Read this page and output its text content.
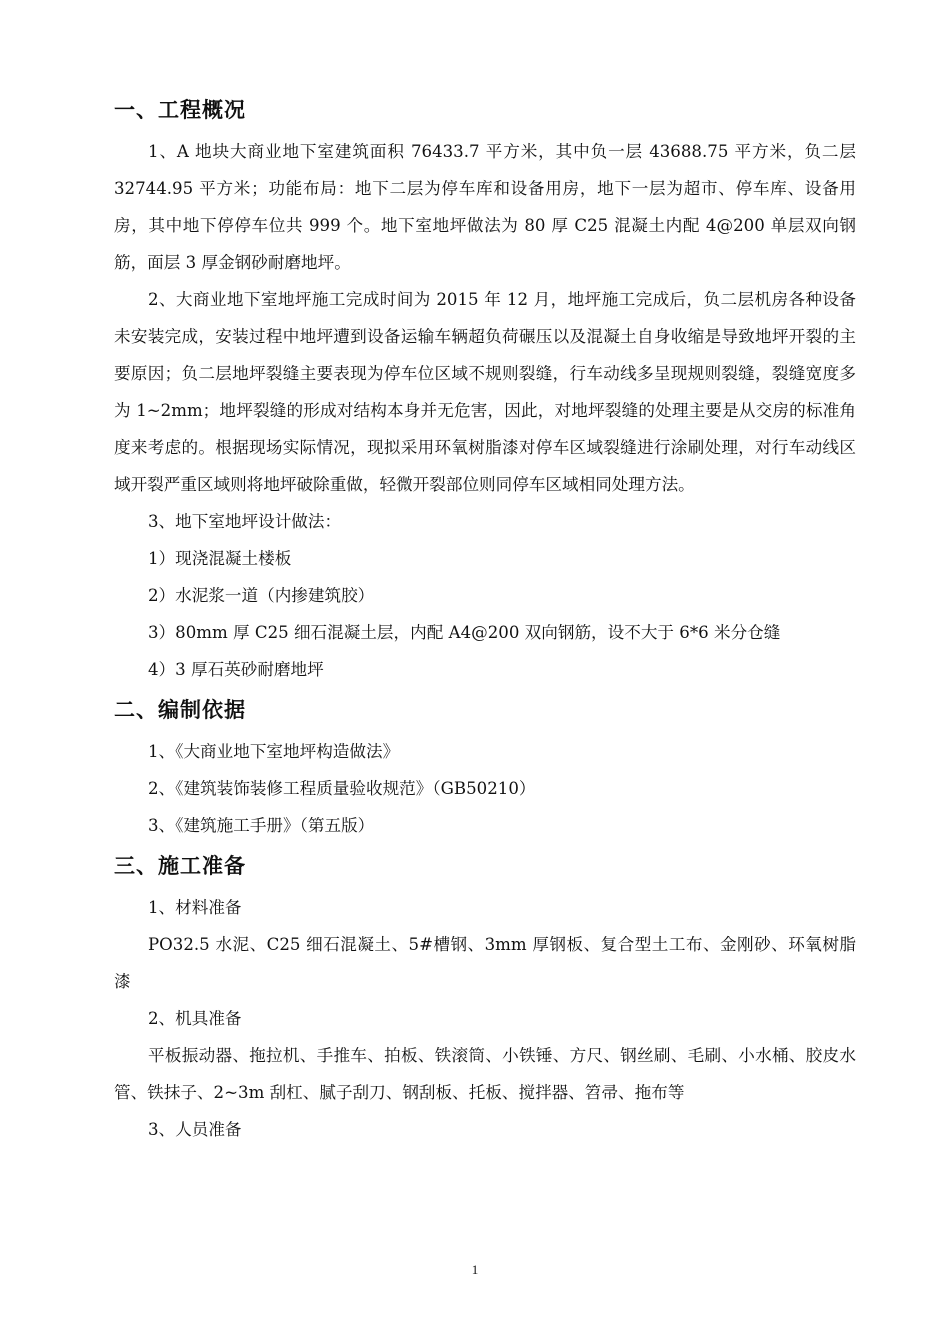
一、工程概况

1、A 地块大商业地下室建筑面积 76433.7 平方米，其中负一层 43688.75 平方米，负二层 32744.95 平方米；功能布局：地下二层为停车库和设备用房，地下一层为超市、停车库、设备用房，其中地下停停车位共 999 个。地下室地坪做法为 80 厚 C25 混凝土内配 4@200 单层双向钢筋，面层 3 厚金钢砂耐磨地坪。

2、大商业地下室地坪施工完成时间为 2015 年 12 月，地坪施工完成后，负二层机房各种设备未安装完成，安装过程中地坪遭到设备运输车辆超负荷碾压以及混凝土自身收缩是导致地坪开裂的主要原因；负二层地坪裂缝主要表现为停车位区域不规则裂缝，行车动线多呈现规则裂缝，裂缝宽度多为 1~2mm；地坪裂缝的形成对结构本身并无危害，因此，对地坪裂缝的处理主要是从交房的标准角度来考虑的。根据现场实际情况，现拟采用环氧树脂漆对停车区域裂缝进行涂刷处理，对行车动线区域开裂严重区域则将地坪破除重做，轻微开裂部位则同停车区域相同处理方法。

3、地下室地坪设计做法：

1）现浇混凝土楼板

2）水泥浆一道（内掺建筑胶）

3）80mm 厚 C25 细石混凝土层，内配 A4@200 双向钢筋，设不大于 6*6 米分仓缝

4）3 厚石英砂耐磨地坪

二、编制依据

1、《大商业地下室地坪构造做法》

2、《建筑装饰装修工程质量验收规范》（GB50210）

3、《建筑施工手册》（第五版）

三、施工准备

1、材料准备

PO32.5 水泥、C25 细石混凝土、5#槽钢、3mm 厚钢板、复合型土工布、金刚砂、环氧树脂漆

2、机具准备

平板振动器、拖拉机、手推车、拍板、铁滚筒、小铁锤、方尺、钢丝刷、毛刷、小水桶、胶皮水管、铁抹子、2~3m 刮杠、腻子刮刀、钢刮板、托板、搅拌器、笤帚、拖布等

3、人员准备

1
